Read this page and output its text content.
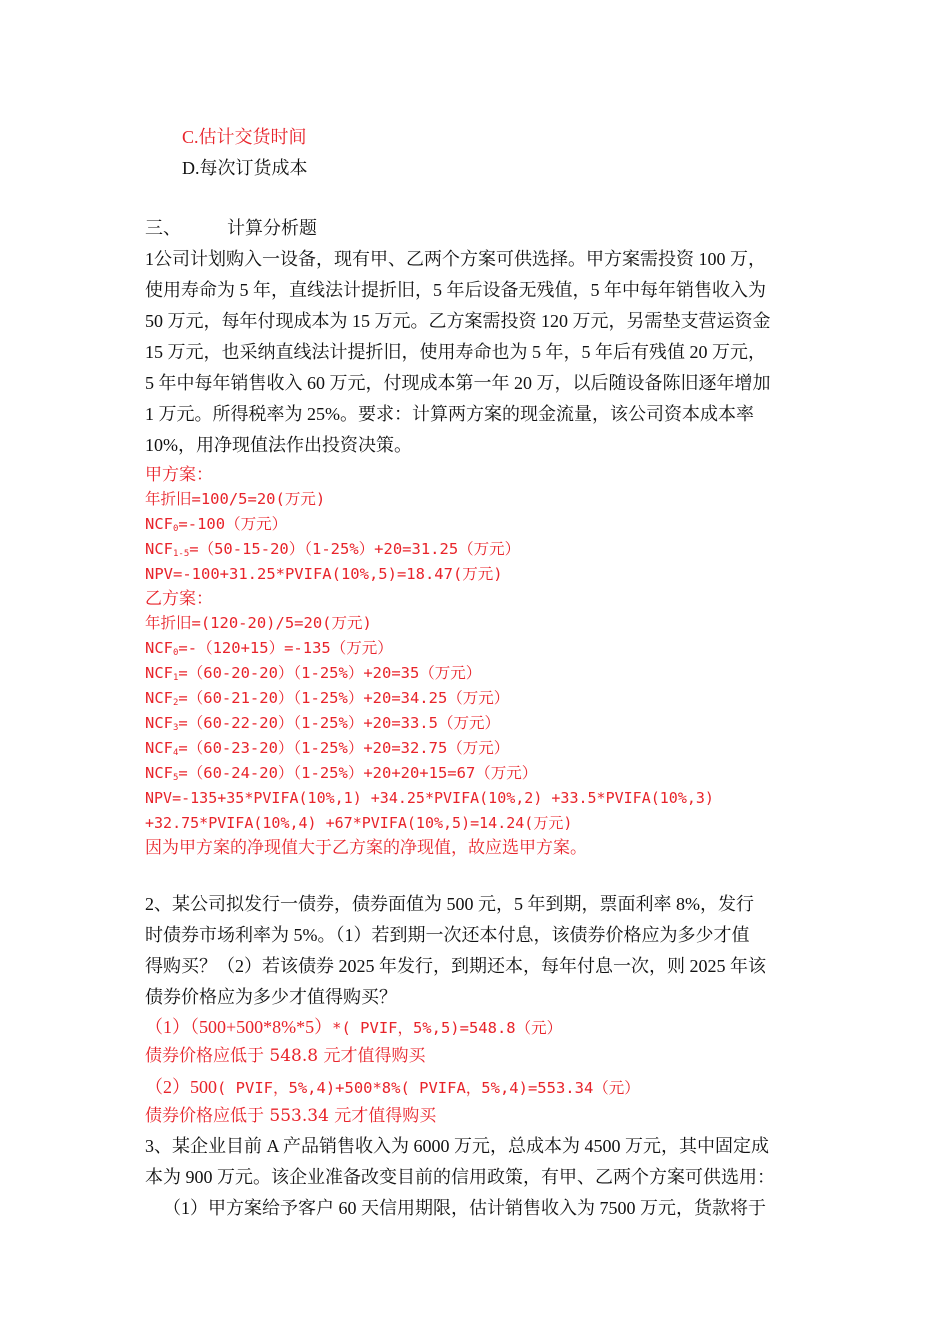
C.估计交货时间
D.每次订货成本
三、	计算分析题
1公司计划购入一设备，现有甲、乙两个方案可供选择。甲方案需投资 100 万，
使用寿命为 5 年，直线法计提折旧，5 年后设备无残值，5 年中每年销售收入为
50 万元，每年付现成本为 15 万元。乙方案需投资 120 万元，另需垫支营运资金
15 万元，也采纳直线法计提折旧，使用寿命也为 5 年，5 年后有残值 20 万元，
5 年中每年销售收入 60 万元，付现成本第一年 20 万，以后随设备陈旧逐年增加
1 万元。所得税率为 25%。要求：计算两方案的现金流量，该公司资本成本率
10%，用净现值法作出投资决策。
甲方案：
年折旧=100/5=20(万元)
$NCF_0=-100$（万元）
$NCF_{1-5}=(50-15-20)(1-25\%)+20=31.25$（万元）
NPV=-100+31.25*PVIFA(10%,5)=18.47(万元)
乙方案：
年折旧=(120-20)/5=20(万元)
$NCF_0=-(120+15)=-135$（万元）
$NCF_1=(60-20-20)(1-25\%)+20=35$（万元）
$NCF_2=(60-21-20)(1-25\%)+20=34.25$（万元）
$NCF_3=(60-22-20)(1-25\%)+20=33.5$（万元）
$NCF_4=(60-23-20)(1-25\%)+20=32.75$（万元）
$NCF_5=(60-24-20)(1-25\%)+20+20+15=67$（万元）
NPV=-135+35*PVIFA(10%,1) +34.25*PVIFA(10%,2) +33.5*PVIFA(10%,3)
+32.75*PVIFA(10%,4) +67*PVIFA(10%,5)=14.24(万元)
因为甲方案的净现值大于乙方案的净现值，故应选甲方案。
2、某公司拟发行一债券，债券面值为 500 元，5 年到期，票面利率 8%，发行
时债券市场利率为 5%。（1）若到期一次还本付息，该债券价格应为多少才值
得购买？（2）若该债券 2025 年发行，到期还本，每年付息一次，则 2025 年该
债券价格应为多少才值得购买？
（1）（500+500*8%*5）*( PVIF，5%,5)=548.8（元）
债券价格应低于 548.8 元才值得购买
（2）500( PVIF，5%,4)+500*8%( PVIFA，5%,4)=553.34（元）
债券价格应低于 553.34 元才值得购买
3、某企业目前 A 产品销售收入为 6000 万元，总成本为 4500 万元，其中固定成
本为 900 万元。该企业准备改变目前的信用政策，有甲、乙两个方案可供选用：
（1）甲方案给予客户 60 天信用期限，估计销售收入为 7500 万元，货款将于
